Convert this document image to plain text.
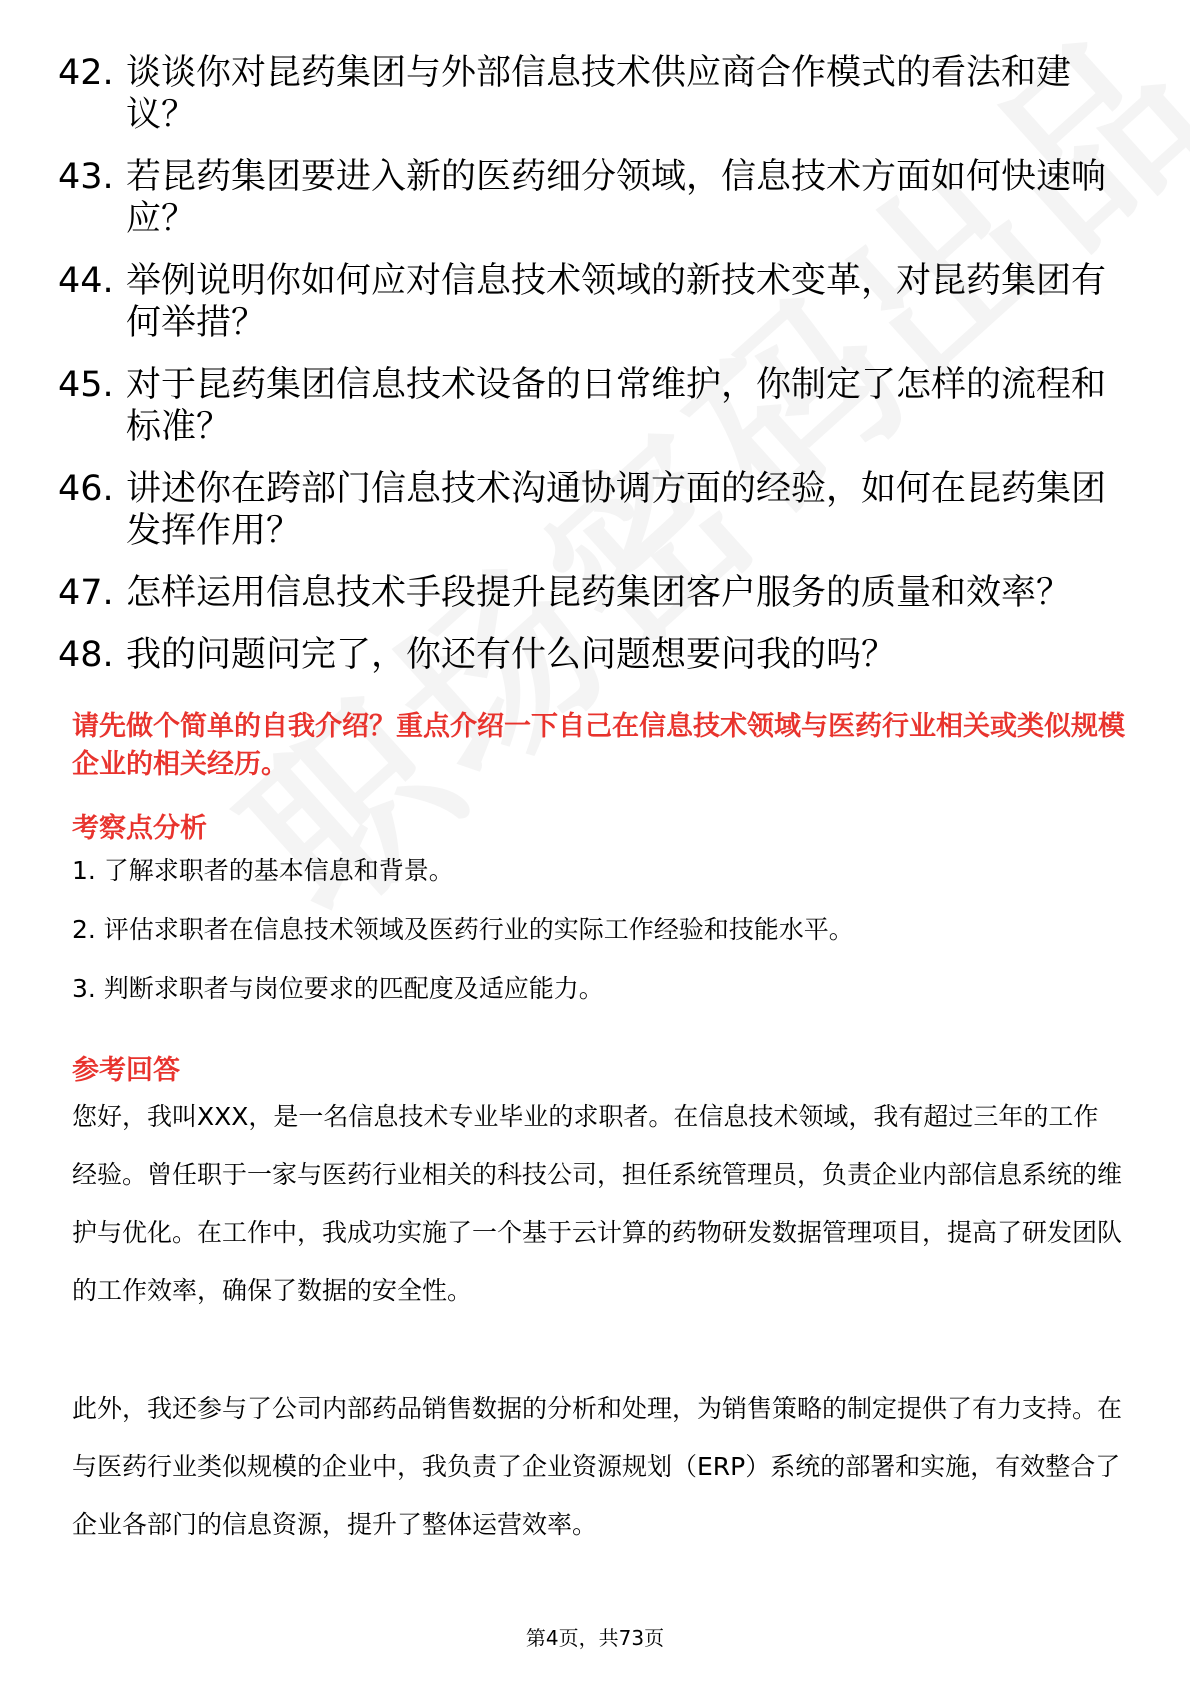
42. 谈谈你对昆药集团与外部信息技术供应商合作模式的看法和建议？
43. 若昆药集团要进入新的医药细分领域，信息技术方面如何快速响应？
44. 举例说明你如何应对信息技术领域的新技术变革，对昆药集团有何举措？
45. 对于昆药集团信息技术设备的日常维护，你制定了怎样的流程和标准？
46. 讲述你在跨部门信息技术沟通协调方面的经验，如何在昆药集团发挥作用？
47. 怎样运用信息技术手段提升昆药集团客户服务的质量和效率？
48. 我的问题问完了，你还有什么问题想要问我的吗？

请先做个简单的自我介绍？重点介绍一下自己在信息技术领域与医药行业相关或类似规模企业的相关经历。

考察点分析
1. 了解求职者的基本信息和背景。
2. 评估求职者在信息技术领域及医药行业的实际工作经验和技能水平。
3. 判断求职者与岗位要求的匹配度及适应能力。
参考回答

您好，我叫XXX，是一名信息技术专业毕业的求职者。在信息技术领域，我有超过三年的工作经验。曾任职于一家与医药行业相关的科技公司，担任系统管理员，负责企业内部信息系统的维护与优化。在工作中，我成功实施了一个基于云计算的药物研发数据管理项目，提高了研发团队的工作效率，确保了数据的安全性。

此外，我还参与了公司内部药品销售数据的分析和处理，为销售策略的制定提供了有力支持。在与医药行业类似规模的企业中，我负责了企业资源规划（ERP）系统的部署和实施，有效整合了企业各部门的信息资源，提升了整体运营效率。

第4页，共73页
